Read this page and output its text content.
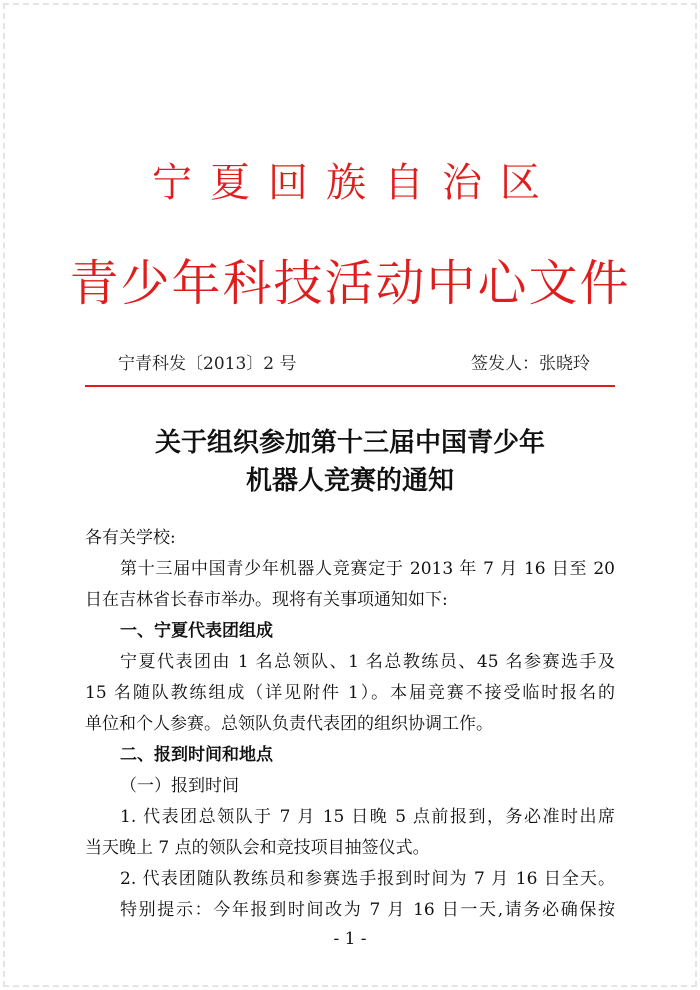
宁夏回族自治区
青少年科技活动中心文件
宁青科发〔2013〕2 号	签发人：张晓玲
关于组织参加第十三届中国青少年
机器人竞赛的通知

各有关学校:

第十三届中国青少年机器人竞赛定于 2013 年 7 月 16 日至 20

日在吉林省长春市举办。现将有关事项通知如下:

一、宁夏代表团组成

宁夏代表团由 1 名总领队、1 名总教练员、45 名参赛选手及

15 名随队教练组成（详见附件 1）。本届竞赛不接受临时报名的

单位和个人参赛。总领队负责代表团的组织协调工作。

二、报到时间和地点

（一）报到时间

1. 代表团总领队于 7 月 15 日晚 5 点前报到，务必准时出席

当天晚上 7 点的领队会和竞技项目抽签仪式。

2. 代表团随队教练员和参赛选手报到时间为 7 月 16 日全天。

特别提示：今年报到时间改为 7 月 16 日一天,请务必确保按

- 1 -
